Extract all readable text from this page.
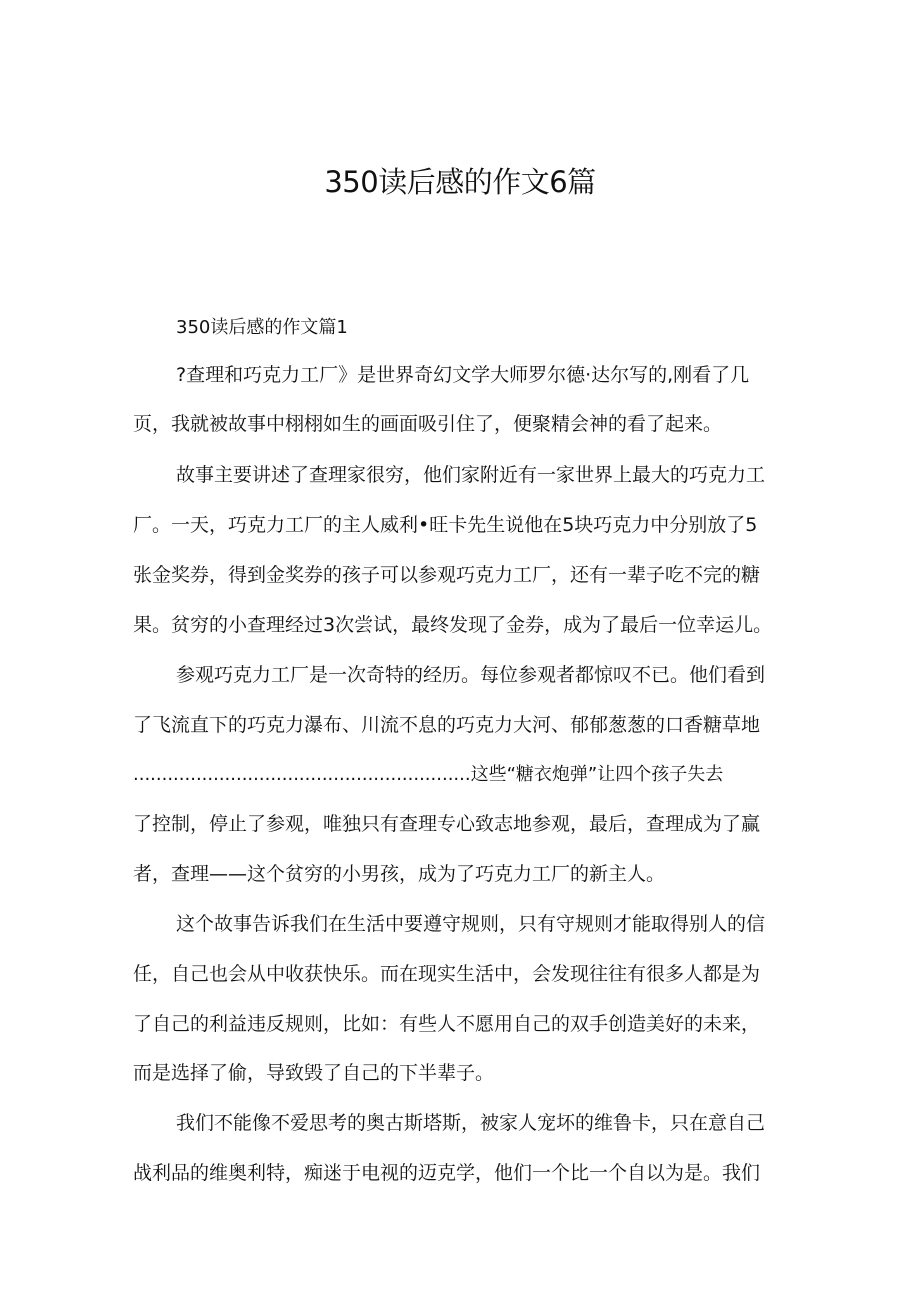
350读后感的作文6篇
350读后感的作文篇1
?查理和巧克力工厂》是世界奇幻文学大师罗尔德·达尔写的,刚看了几
页，我就被故事中栩栩如生的画面吸引住了，便聚精会神的看了起来。
故事主要讲述了查理家很穷，他们家附近有一家世界上最大的巧克力工
厂。一天，巧克力工厂的主人威利•旺卡先生说他在5块巧克力中分别放了5
张金奖券，得到金奖券的孩子可以参观巧克力工厂，还有一辈子吃不完的糖
果。贫穷的小查理经过3次尝试，最终发现了金券，成为了最后一位幸运儿。
参观巧克力工厂是一次奇特的经历。每位参观者都惊叹不已。他们看到
了飞流直下的巧克力瀑布、川流不息的巧克力大河、郁郁葱葱的口香糖草地
...........................................................这些“糖衣炮弹”让四个孩子失去
了控制，停止了参观，唯独只有查理专心致志地参观，最后，查理成为了赢
者，查理——这个贫穷的小男孩，成为了巧克力工厂的新主人。
这个故事告诉我们在生活中要遵守规则，只有守规则才能取得别人的信
任，自己也会从中收获快乐。而在现实生活中，会发现往往有很多人都是为
了自己的利益违反规则，比如：有些人不愿用自己的双手创造美好的未来，
而是选择了偷，导致毁了自己的下半辈子。
我们不能像不爱思考的奥古斯塔斯，被家人宠坏的维鲁卡，只在意自己
战利品的维奥利特，痴迷于电视的迈克学，他们一个比一个自以为是。我们
